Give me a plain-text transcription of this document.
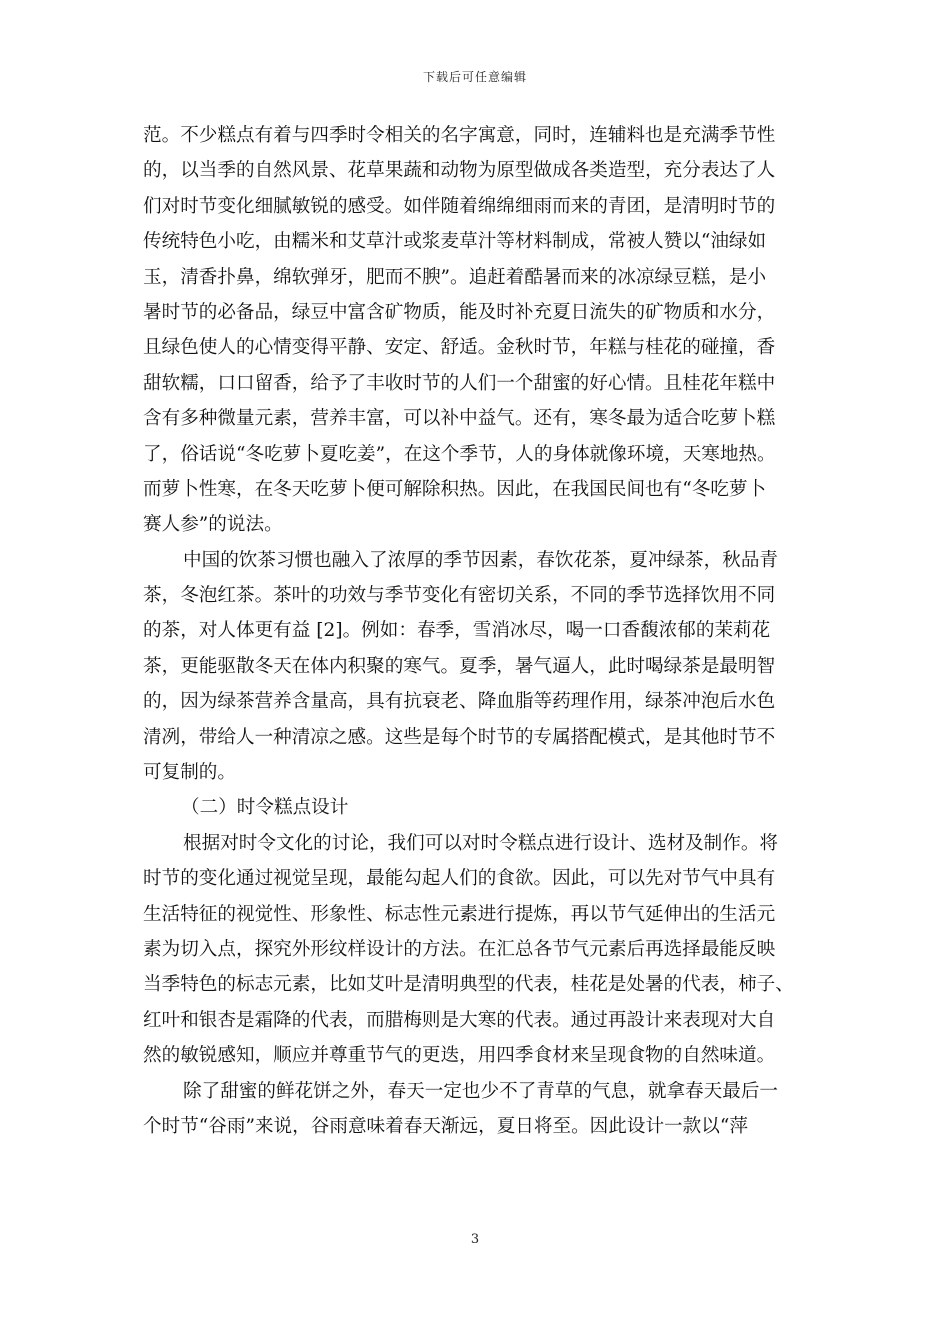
下载后可任意编辑
范。不少糕点有着与四季时令相关的名字寓意，同时，连辅料也是充满季节性
的，以当季的自然风景、花草果蔬和动物为原型做成各类造型，充分表达了人
们对时节变化细腻敏锐的感受。如伴随着绵绵细雨而来的青团，是清明时节的
传统特色小吃，由糯米和艾草汁或浆麦草汁等材料制成，常被人赞以“油绿如
玉，清香扑鼻，绵软弹牙，肥而不腴”。追赶着酷暑而来的冰凉绿豆糕，是小
暑时节的必备品，绿豆中富含矿物质，能及时补充夏日流失的矿物质和水分，
且绿色使人的心情变得平静、安定、舒适。金秋时节，年糕与桂花的碰撞，香
甜软糯，口口留香，给予了丰收时节的人们一个甜蜜的好心情。且桂花年糕中
含有多种微量元素，营养丰富，可以补中益气。还有，寒冬最为适合吃萝卜糕
了，俗话说“冬吃萝卜夏吃姜”，在这个季节，人的身体就像环境，天寒地热。
而萝卜性寒，在冬天吃萝卜便可解除积热。因此，在我国民间也有“冬吃萝卜
赛人参”的说法。
中国的饮茶习惯也融入了浓厚的季节因素，春饮花茶，夏冲绿茶，秋品青
茶，冬泡红茶。茶叶的功效与季节变化有密切关系，不同的季节选择饮用不同
的茶，对人体更有益 [2]。例如：春季，雪消冰尽，喝一口香馥浓郁的茉莉花
茶，更能驱散冬天在体内积聚的寒气。夏季，暑气逼人，此时喝绿茶是最明智
的，因为绿茶营养含量高，具有抗衰老、降血脂等药理作用，绿茶冲泡后水色
清冽，带给人一种清凉之感。这些是每个时节的专属搭配模式，是其他时节不
可复制的。
（二）时令糕点设计
根据对时令文化的讨论，我们可以对时令糕点进行设计、选材及制作。将
时节的变化通过视觉呈现，最能勾起人们的食欲。因此，可以先对节气中具有
生活特征的视觉性、形象性、标志性元素进行提炼，再以节气延伸出的生活元
素为切入点，探究外形纹样设计的方法。在汇总各节气元素后再选择最能反映
当季特色的标志元素，比如艾叶是清明典型的代表，桂花是处暑的代表，柿子、
红叶和银杏是霜降的代表，而腊梅则是大寒的代表。通过再設计来表现对大自
然的敏锐感知，顺应并尊重节气的更迭，用四季食材来呈现食物的自然味道。
除了甜蜜的鲜花饼之外，春天一定也少不了青草的气息，就拿春天最后一
个时节“谷雨”来说，谷雨意味着春天渐远，夏日将至。因此设计一款以“萍
3
